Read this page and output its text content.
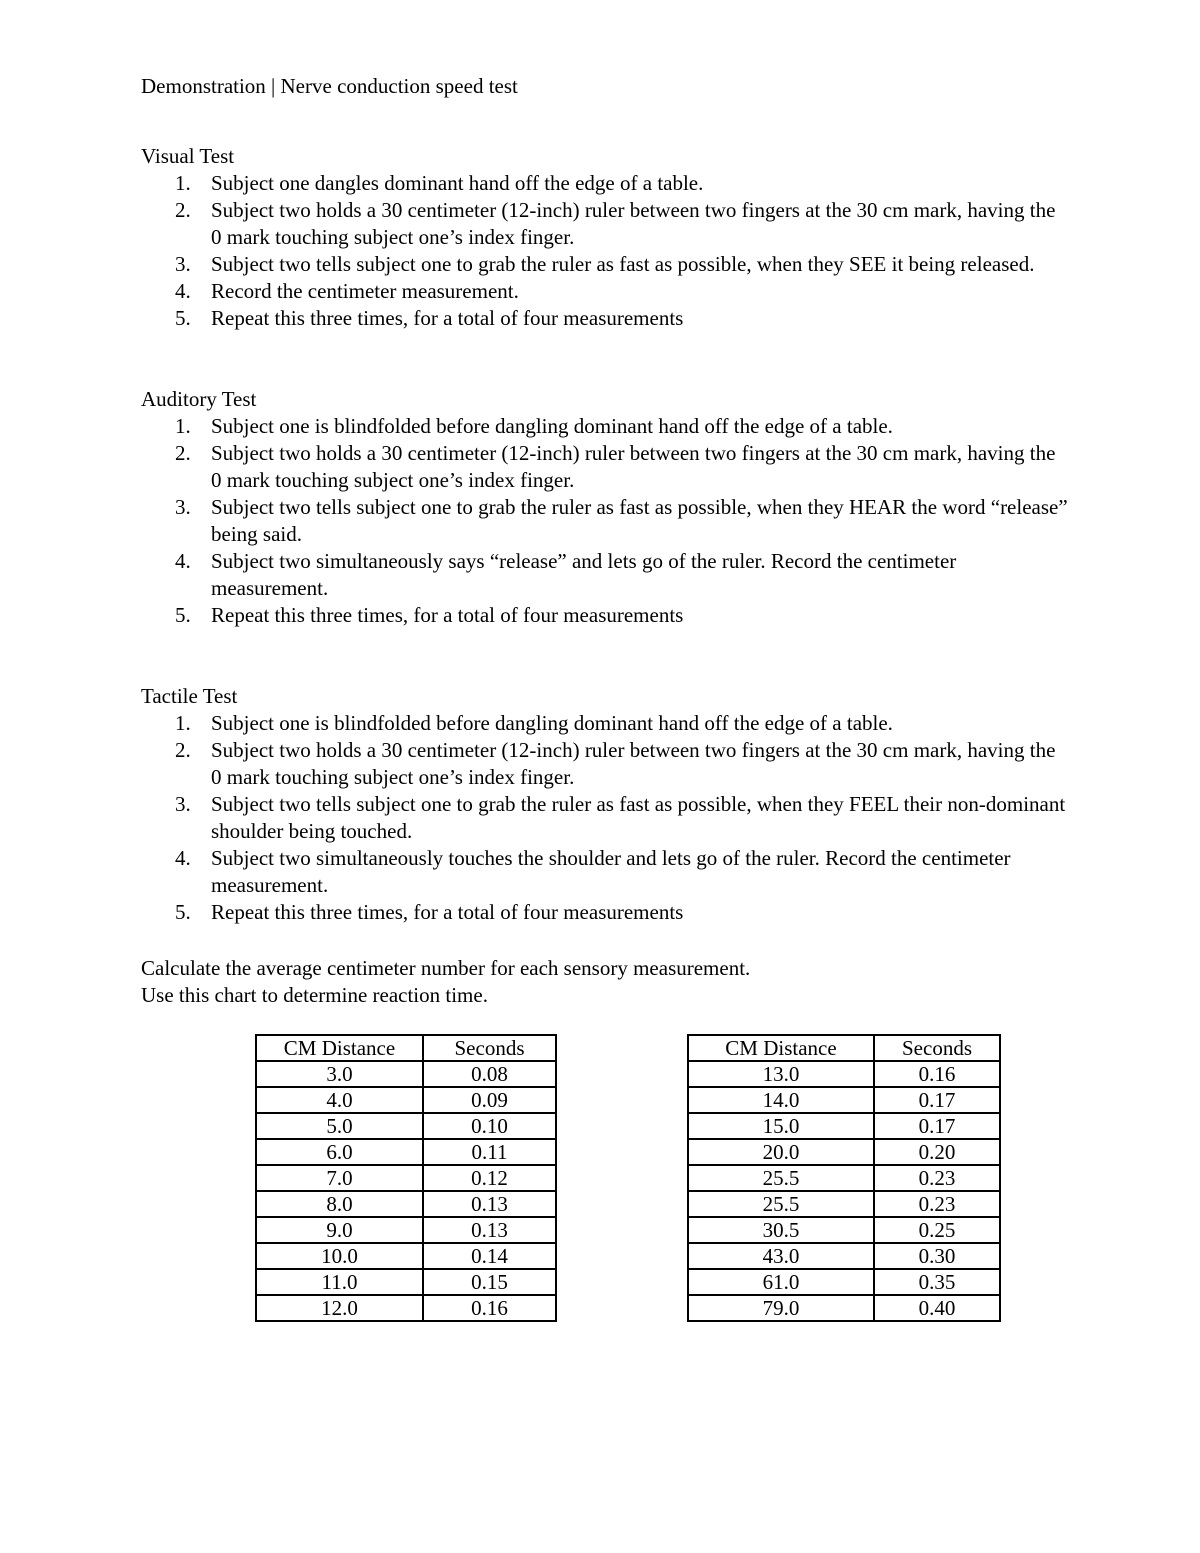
Demonstration | Nerve conduction speed test
Visual Test
1. Subject one dangles dominant hand off the edge of a table.
2. Subject two holds a 30 centimeter (12-inch) ruler between two fingers at the 30 cm mark, having the 0 mark touching subject one’s index finger.
3. Subject two tells subject one to grab the ruler as fast as possible, when they SEE it being released.
4. Record the centimeter measurement.
5. Repeat this three times, for a total of four measurements
Auditory Test
1. Subject one is blindfolded before dangling dominant hand off the edge of a table.
2. Subject two holds a 30 centimeter (12-inch) ruler between two fingers at the 30 cm mark, having the 0 mark touching subject one’s index finger.
3. Subject two tells subject one to grab the ruler as fast as possible, when they HEAR the word “release” being said.
4. Subject two simultaneously says “release” and lets go of the ruler. Record the centimeter measurement.
5. Repeat this three times, for a total of four measurements
Tactile Test
1. Subject one is blindfolded before dangling dominant hand off the edge of a table.
2. Subject two holds a 30 centimeter (12-inch) ruler between two fingers at the 30 cm mark, having the 0 mark touching subject one’s index finger.
3. Subject two tells subject one to grab the ruler as fast as possible, when they FEEL their non-dominant shoulder being touched.
4. Subject two simultaneously touches the shoulder and lets go of the ruler. Record the centimeter measurement.
5. Repeat this three times, for a total of four measurements

Calculate the average centimeter number for each sensory measurement.

Use this chart to determine reaction time.

CM Distance	Seconds
3.0	0.08
4.0	0.09
5.0	0.10
6.0	0.11
7.0	0.12
8.0	0.13
9.0	0.13
10.0	0.14
11.0	0.15
12.0	0.16
CM Distance	Seconds
13.0	0.16
14.0	0.17
15.0	0.17
20.0	0.20
25.5	0.23
25.5	0.23
30.5	0.25
43.0	0.30
61.0	0.35
79.0	0.40
